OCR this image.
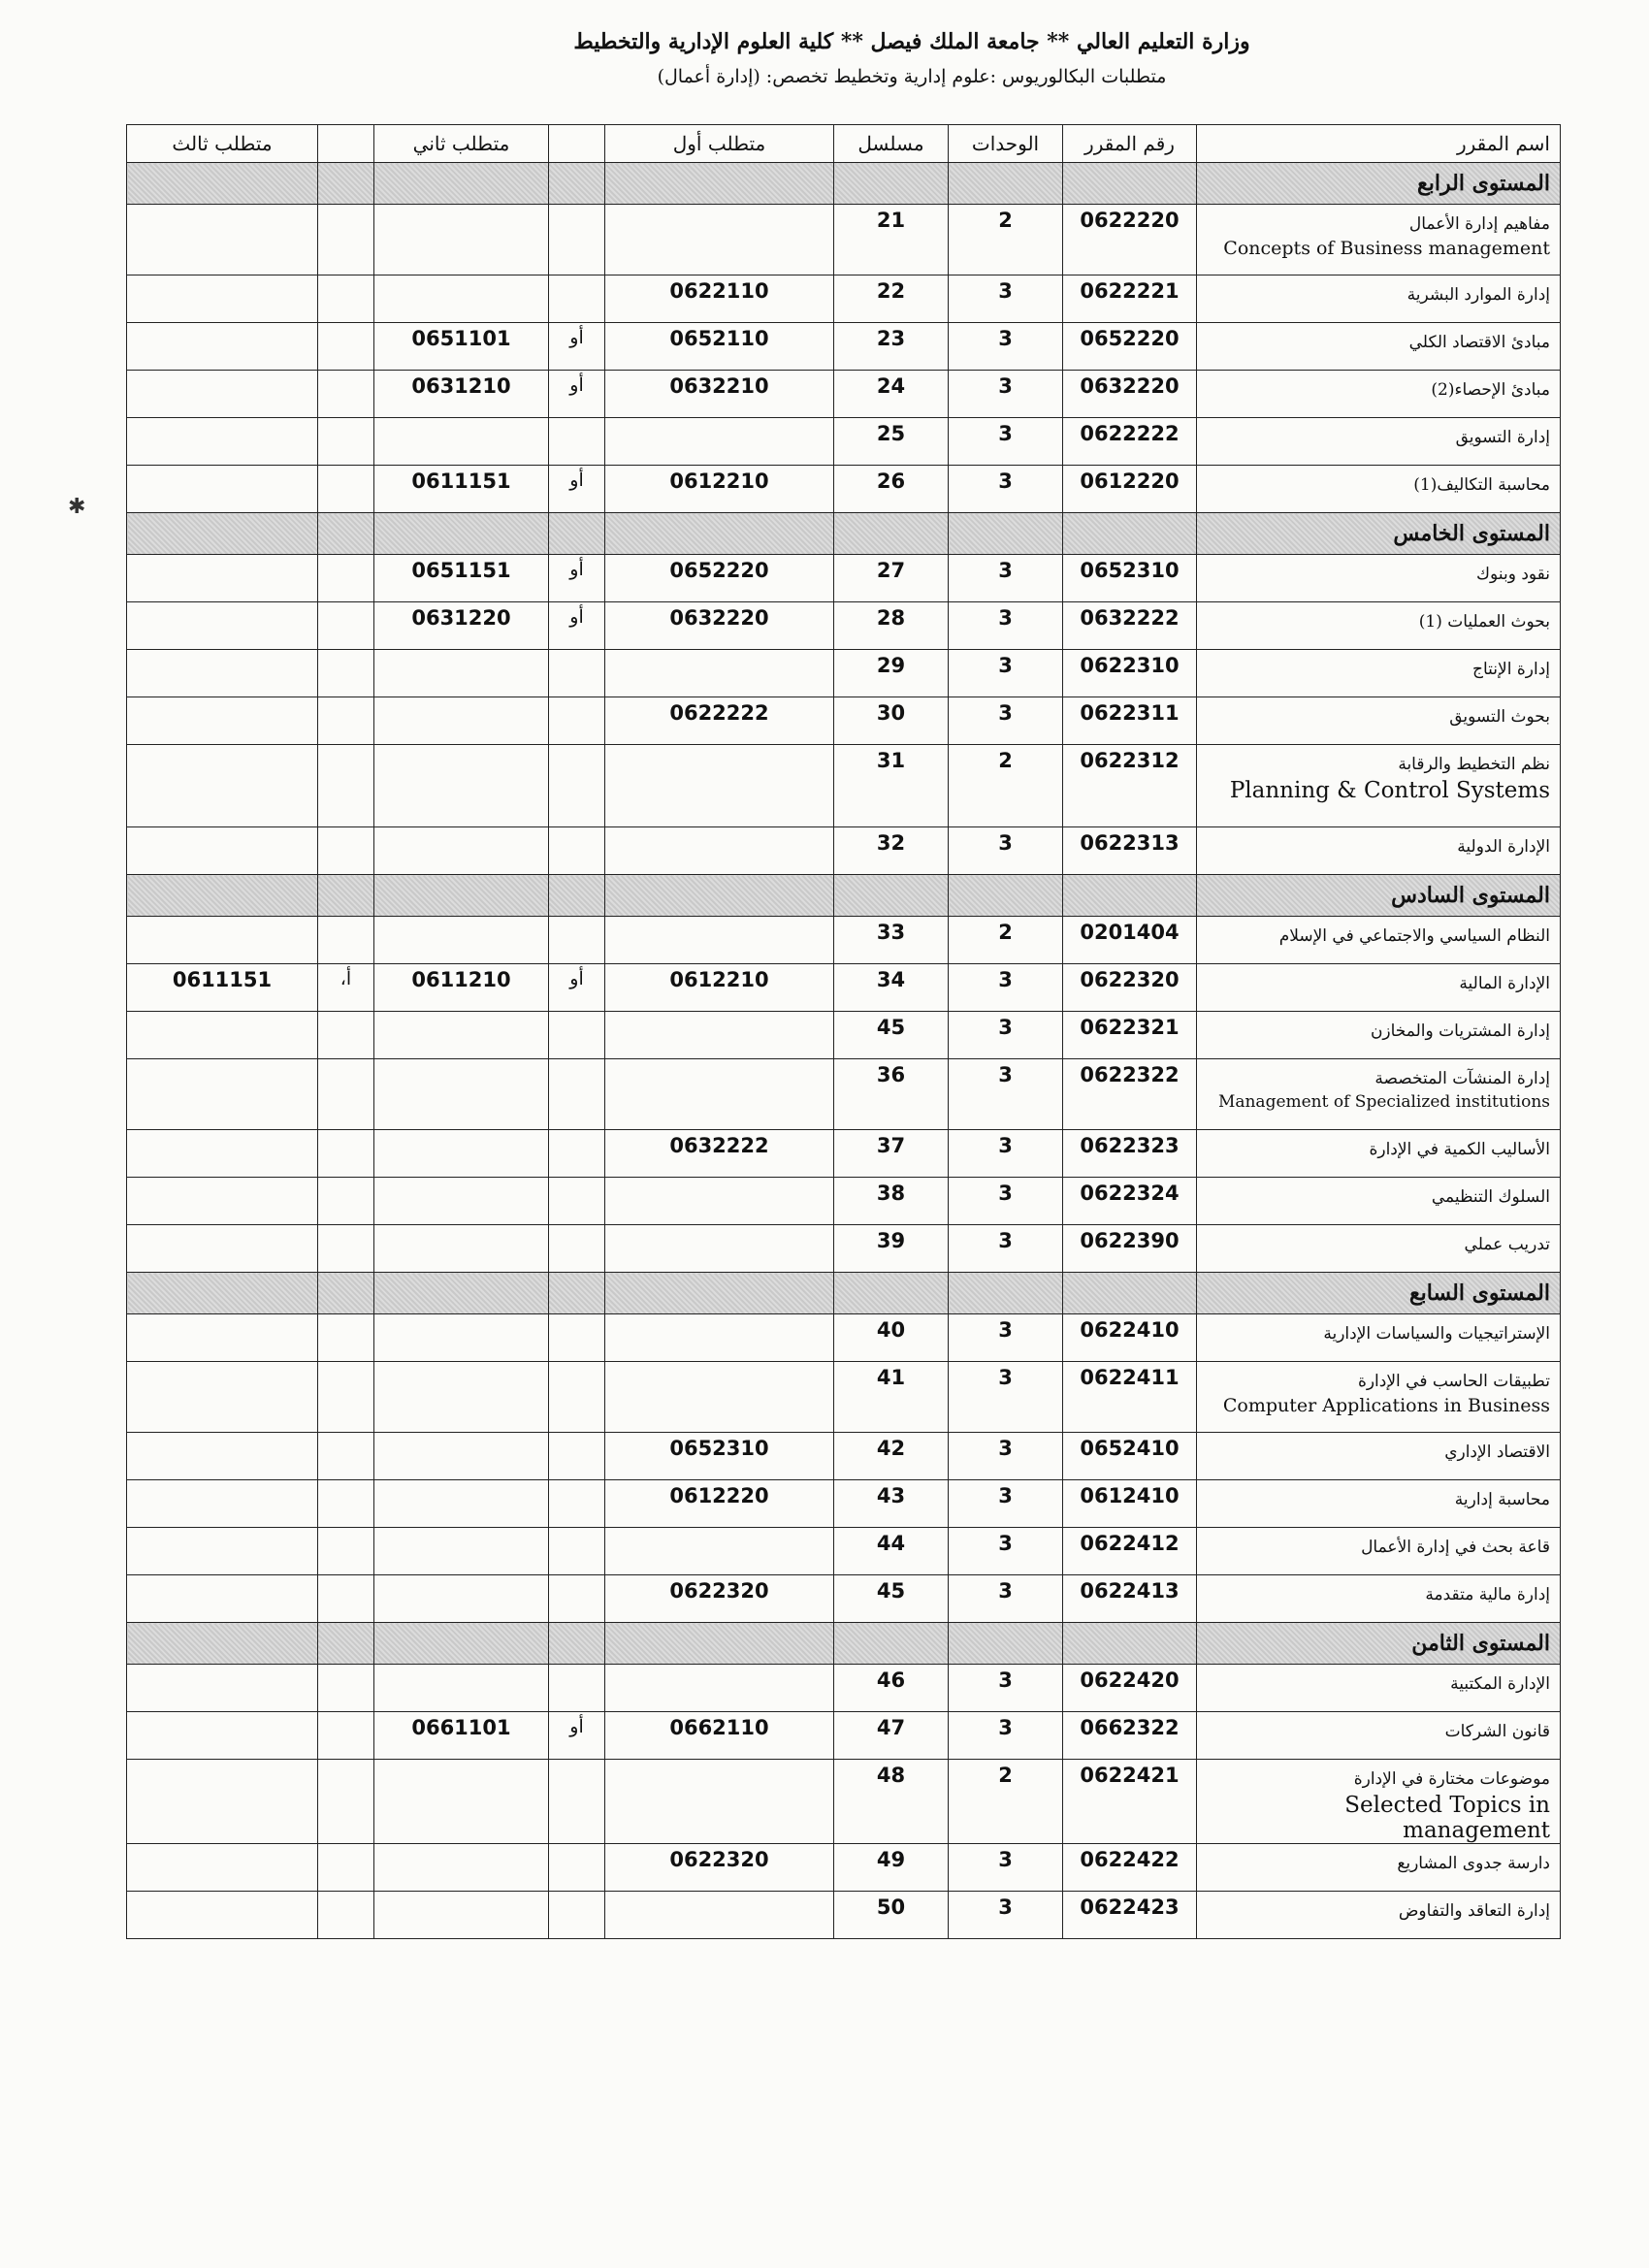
وزارة التعليم العالي ** جامعة الملك فيصل ** كلية العلوم الإدارية والتخطيط
متطلبات البكالوريوس :علوم إدارية وتخطيط تخصص: (إدارة أعمال)
✱
اسم المقرر	رقم المقرر	الوحدات	مسلسل	متطلب أول		متطلب ثاني		متطلب ثالث
المستوى الرابع								
مفاهيم إدارة الأعمال
Concepts of Business management	0622220	2	21					
إدارة الموارد البشرية	0622221	3	22	0622110				
مبادئ الاقتصاد الكلي	0652220	3	23	0652110	أو	0651101		
مبادئ الإحصاء(2)	0632220	3	24	0632210	أو	0631210		
إدارة التسويق	0622222	3	25					
محاسبة التكاليف(1)	0612220	3	26	0612210	أو	0611151		
المستوى الخامس								
نقود وبنوك	0652310	3	27	0652220	أو	0651151		
بحوث العمليات (1)	0632222	3	28	0632220	أو	0631220		
إدارة الإنتاج	0622310	3	29					
بحوث التسويق	0622311	3	30	0622222				
نظم التخطيط والرقابة
Planning & Control Systems	0622312	2	31					
الإدارة الدولية	0622313	3	32					
المستوى السادس								
النظام السياسي والاجتماعي في الإسلام	0201404	2	33					
الإدارة المالية	0622320	3	34	0612210	أو	0611210	أ،	0611151
إدارة المشتريات والمخازن	0622321	3	45					
إدارة المنشآت المتخصصة
Management of Specialized institutions	0622322	3	36					
الأساليب الكمية في الإدارة	0622323	3	37	0632222				
السلوك التنظيمي	0622324	3	38					
تدريب عملي	0622390	3	39					
المستوى السابع								
الإستراتيجيات والسياسات الإدارية	0622410	3	40					
تطبيقات الحاسب في الإدارة
Computer Applications in Business	0622411	3	41					
الاقتصاد الإداري	0652410	3	42	0652310				
محاسبة إدارية	0612410	3	43	0612220				
قاعة بحث في إدارة الأعمال	0622412	3	44					
إدارة مالية متقدمة	0622413	3	45	0622320				
المستوى الثامن								
الإدارة المكتبية	0622420	3	46					
قانون الشركات	0662322	3	47	0662110	أو	0661101		
موضوعات مختارة في الإدارة
Selected Topics in management	0622421	2	48					
دارسة جدوى المشاريع	0622422	3	49	0622320				
إدارة التعاقد والتفاوض	0622423	3	50					
